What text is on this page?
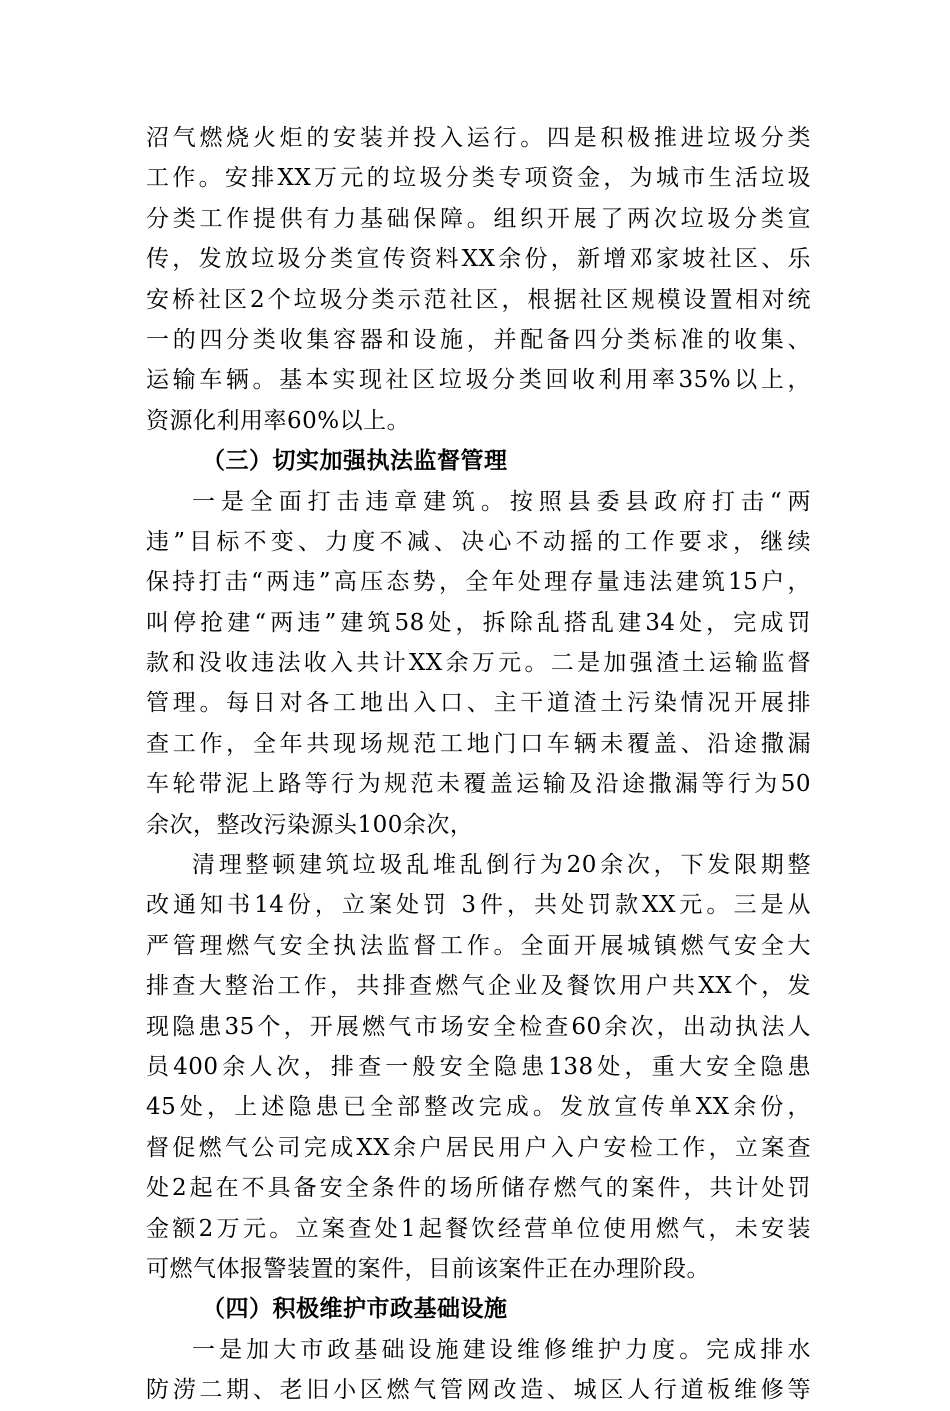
沼气燃烧火炬的安装并投入运行。四是积极推进垃圾分类
工作。安排XX万元的垃圾分类专项资金，为城市生活垃圾
分类工作提供有力基础保障。组织开展了两次垃圾分类宣
传，发放垃圾分类宣传资料XX余份，新增邓家坡社区、乐
安桥社区2个垃圾分类示范社区，根据社区规模设置相对统
一的四分类收集容器和设施，并配备四分类标准的收集、
运输车辆。基本实现社区垃圾分类回收利用率35%以上，
资源化利用率60%以上。
（三）切实加强执法监督管理
一是全面打击违章建筑。按照县委县政府打击“两
违”目标不变、力度不减、决心不动摇的工作要求，继续
保持打击“两违”高压态势，全年处理存量违法建筑15户，
叫停抢建“两违”建筑58处，拆除乱搭乱建34处，完成罚
款和没收违法收入共计XX余万元。二是加强渣土运输监督
管理。每日对各工地出入口、主干道渣土污染情况开展排
查工作，全年共现场规范工地门口车辆未覆盖、沿途撒漏
车轮带泥上路等行为规范未覆盖运输及沿途撒漏等行为50
余次，整改污染源头100余次，
清理整顿建筑垃圾乱堆乱倒行为20余次，下发限期整
改通知书14份，立案处罚 3件，共处罚款XX元。三是从
严管理燃气安全执法监督工作。全面开展城镇燃气安全大
排查大整治工作，共排查燃气企业及餐饮用户共XX个，发
现隐患35个，开展燃气市场安全检查60余次，出动执法人
员400余人次，排查一般安全隐患138处，重大安全隐患
45处，上述隐患已全部整改完成。发放宣传单XX余份，
督促燃气公司完成XX余户居民用户入户安检工作，立案查
处2起在不具备安全条件的场所储存燃气的案件，共计处罚
金额2万元。立案查处1起餐饮经营单位使用燃气，未安装
可燃气体报警装置的案件，目前该案件正在办理阶段。
（四）积极维护市政基础设施
一是加大市政基础设施建设维修维护力度。完成排水
防涝二期、老旧小区燃气管网改造、城区人行道板维修等
